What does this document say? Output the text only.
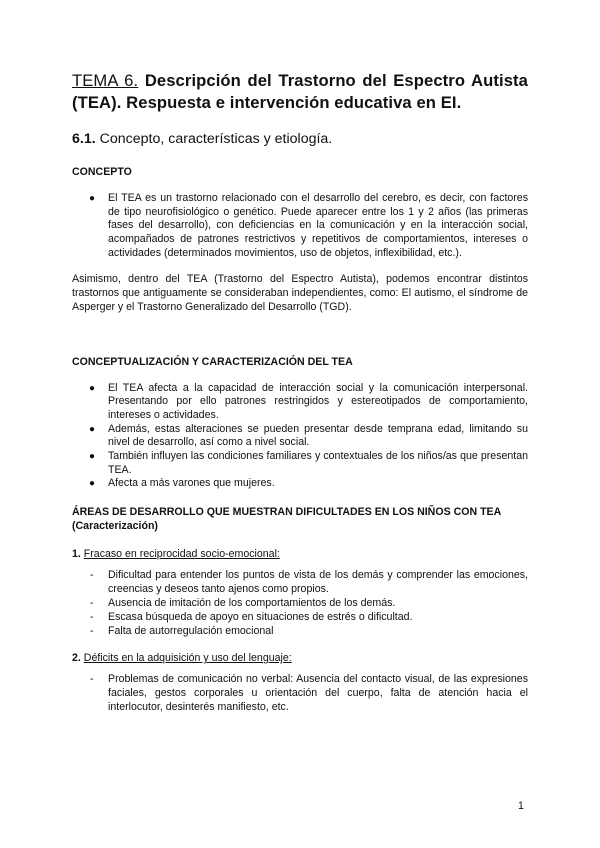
TEMA 6. Descripción del Trastorno del Espectro Autista (TEA). Respuesta e intervención educativa en EI.

6.1. Concepto, características y etiología.

CONCEPTO

● El TEA es un trastorno relacionado con el desarrollo del cerebro, es decir, con factores de tipo neurofisiológico o genético. Puede aparecer entre los 1 y 2 años (las primeras fases del desarrollo), con deficiencias en la comunicación y en la interacción social, acompañados de patrones restrictivos y repetitivos de comportamientos, intereses o actividades (determinados movimientos, uso de objetos, inflexibilidad, etc.).

Asimismo, dentro del TEA (Trastorno del Espectro Autista), podemos encontrar distintos trastornos que antiguamente se consideraban independientes, como: El autismo, el síndrome de Asperger y el Trastorno Generalizado del Desarrollo (TGD).

CONCEPTUALIZACIÓN Y CARACTERIZACIÓN DEL TEA

● El TEA afecta a la capacidad de interacción social y la comunicación interpersonal. Presentando por ello patrones restringidos y estereotipados de comportamiento, intereses o actividades.
● Además, estas alteraciones se pueden presentar desde temprana edad, limitando su nivel de desarrollo, así como a nivel social.
● También influyen las condiciones familiares y contextuales de los niños/as que presentan TEA.
● Afecta a más varones que mujeres.

ÁREAS DE DESARROLLO QUE MUESTRAN DIFICULTADES EN LOS NIÑOS CON TEA

(Caracterización)

1. Fracaso en reciprocidad socio-emocional:

- Dificultad para entender los puntos de vista de los demás y comprender las emociones, creencias y deseos tanto ajenos como propios.
- Ausencia de imitación de los comportamientos de los demás.
- Escasa búsqueda de apoyo en situaciones de estrés o dificultad.
- Falta de autorregulación emocional

2. Déficits en la adquisición y uso del lenguaje:

- Problemas de comunicación no verbal: Ausencia del contacto visual, de las expresiones faciales, gestos corporales u orientación del cuerpo, falta de atención hacia el interlocutor, desinterés manifiesto, etc.
1
